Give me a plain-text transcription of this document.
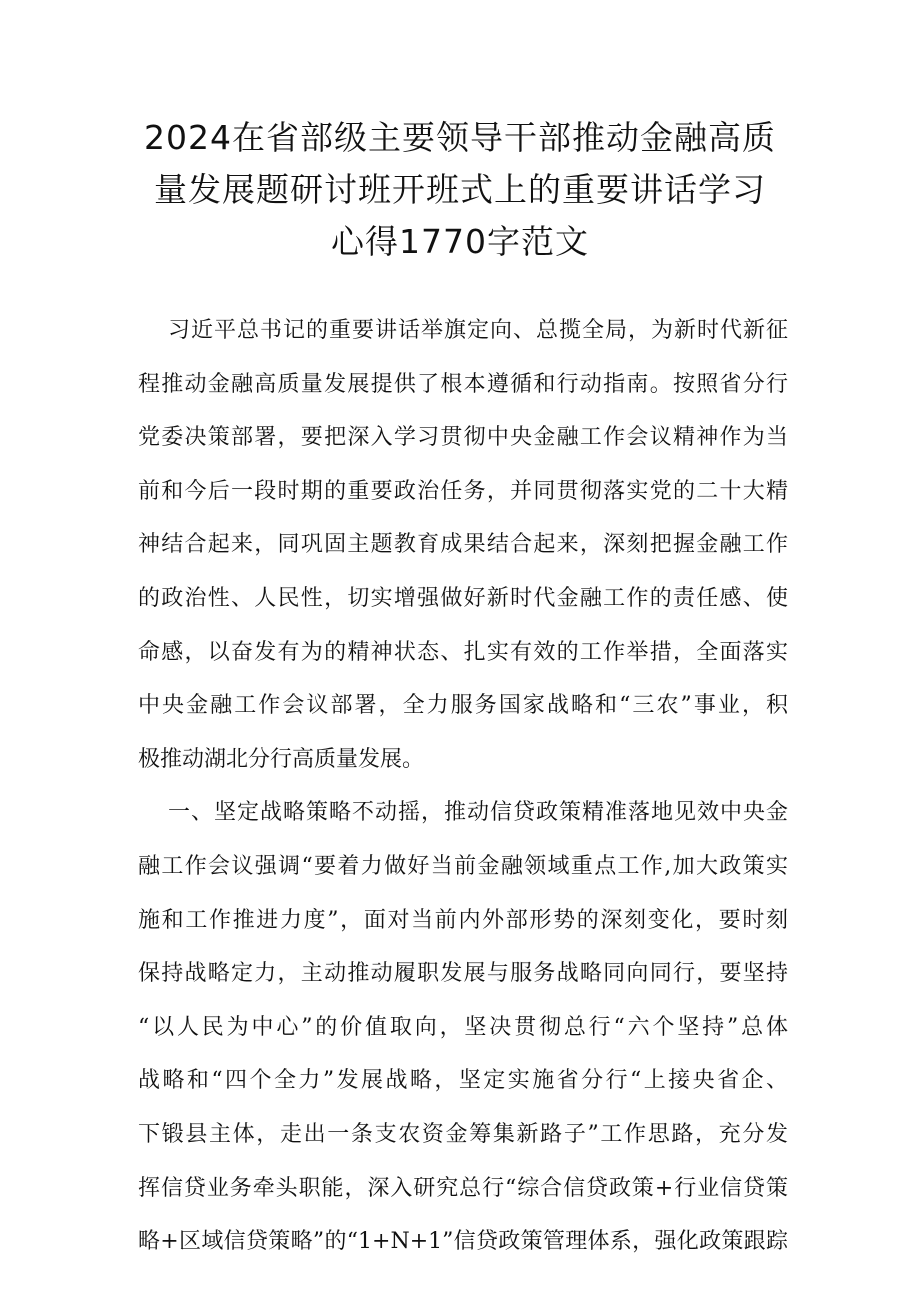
2024在省部级主要领导干部推动金融高质
量发展题研讨班开班式上的重要讲话学习
心得1770字范文

习近平总书记的重要讲话举旗定向、总揽全局，为新时代新征
程推动金融高质量发展提供了根本遵循和行动指南。按照省分行
党委决策部署，要把深入学习贯彻中央金融工作会议精神作为当
前和今后一段时期的重要政治任务，并同贯彻落实党的二十大精
神结合起来，同巩固主题教育成果结合起来，深刻把握金融工作
的政治性、人民性，切实增强做好新时代金融工作的责任感、使
命感，以奋发有为的精神状态、扎实有效的工作举措，全面落实
中央金融工作会议部署，全力服务国家战略和“三农”事业，积
极推动湖北分行高质量发展。

一、坚定战略策略不动摇，推动信贷政策精准落地见效中央金
融工作会议强调“要着力做好当前金融领域重点工作,加大政策实
施和工作推进力度”，面对当前内外部形势的深刻变化，要时刻
保持战略定力，主动推动履职发展与服务战略同向同行，要坚持
“以人民为中心”的价值取向，坚决贯彻总行“六个坚持”总体
战略和“四个全力”发展战略，坚定实施省分行“上接央省企、
下锻县主体，走出一条支农资金筹集新路子”工作思路，充分发
挥信贷业务牵头职能，深入研究总行“综合信贷政策+行业信贷策
略+区域信贷策略”的“1+N+1”信贷政策管理体系，强化政策跟踪
